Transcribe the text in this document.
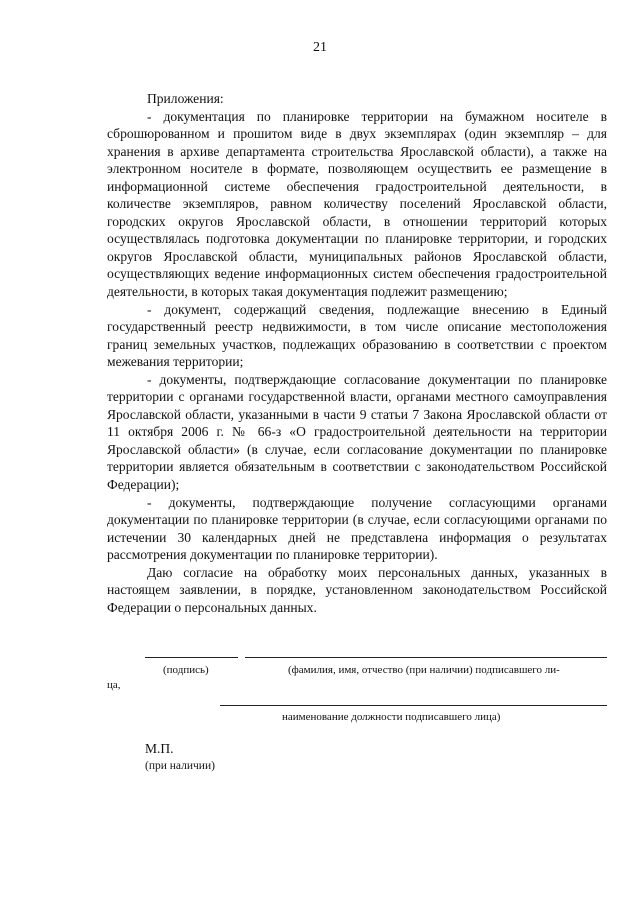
21

Приложения:

- документация по планировке территории на бумажном носителе в сброшюрованном и прошитом виде в двух экземплярах (один экземпляр – для хранения в архиве департамента строительства Ярославской области), а также на электронном носителе в формате, позволяющем осуществить ее размещение в информационной системе обеспечения градостроительной деятельности, в количестве экземпляров, равном количеству поселений Ярославской области, городских округов Ярославской области, в отношении территорий которых осуществлялась подготовка документации по планировке территории, и городских округов Ярославской области, муниципальных районов Ярославской области, осуществляющих ведение информационных систем обеспечения градостроительной деятельности, в которых такая документация подлежит размещению;

- документ, содержащий сведения, подлежащие внесению в Единый государственный реестр недвижимости, в том числе описание местоположения границ земельных участков, подлежащих образованию в соответствии с проектом межевания территории;

- документы, подтверждающие согласование документации по планировке территории с органами государственной власти, органами местного самоуправления Ярославской области, указанными в части 9 статьи 7 Закона Ярославской области от 11 октября 2006 г. № 66-з «О градостроительной деятельности на территории Ярославской области» (в случае, если согласование документации по планировке территории является обязательным в соответствии с законодательством Российской Федерации);

- документы, подтверждающие получение согласующими органами документации по планировке территории (в случае, если согласующими органами по истечении 30 календарных дней не представлена информация о результатах рассмотрения документации по планировке территории).

Даю согласие на обработку моих персональных данных, указанных в настоящем заявлении, в порядке, установленном законодательством Российской Федерации о персональных данных.

(подпись)	(фамилия, имя, отчество (при наличии) подписавшего ли-
ца,
наименование должности подписавшего лица)
М.П.
(при наличии)
